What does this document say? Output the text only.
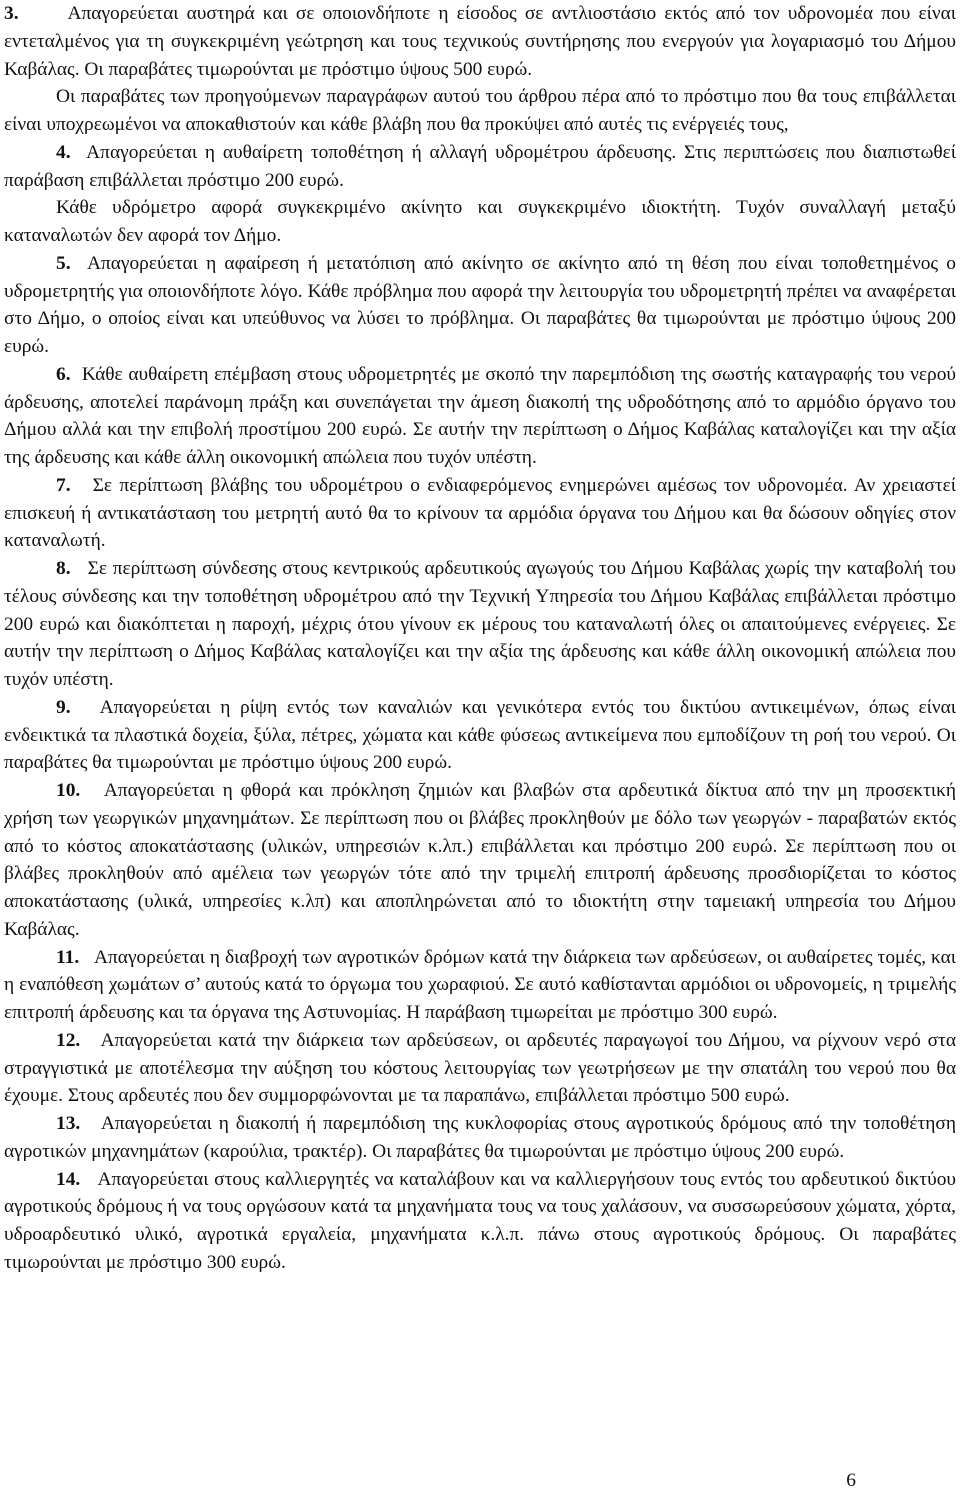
3.	Απαγορεύεται αυστηρά και σε οποιονδήποτε η είσοδος σε αντλιοστάσιο εκτός από τον υδρονομέα που είναι εντεταλμένος για τη συγκεκριμένη γεώτρηση και τους τεχνικούς συντήρησης που ενεργούν για λογαριασμό του Δήμου Καβάλας. Οι παραβάτες τιμωρούνται με πρόστιμο ύψους 500 ευρώ.

Οι παραβάτες των προηγούμενων παραγράφων αυτού του άρθρου πέρα από το πρόστιμο που θα τους επιβάλλεται είναι υποχρεωμένοι να αποκαθιστούν και κάθε βλάβη που θα προκύψει από αυτές τις ενέργειές τους,

4. Απαγορεύεται η αυθαίρετη τοποθέτηση ή αλλαγή υδρομέτρου άρδευσης. Στις περιπτώσεις που διαπιστωθεί παράβαση επιβάλλεται πρόστιμο 200 ευρώ.

Κάθε υδρόμετρο αφορά συγκεκριμένο ακίνητο και συγκεκριμένο ιδιοκτήτη. Τυχόν συναλλαγή μεταξύ καταναλωτών δεν αφορά τον Δήμο.

5. Απαγορεύεται η αφαίρεση ή μετατόπιση από ακίνητο σε ακίνητο από τη θέση που είναι τοποθετημένος ο υδρομετρητής για οποιονδήποτε λόγο. Κάθε πρόβλημα που αφορά την λειτουργία του υδρομετρητή πρέπει να αναφέρεται στο Δήμο, ο οποίος είναι και υπεύθυνος να λύσει το πρόβλημα. Οι παραβάτες θα τιμωρούνται με πρόστιμο ύψους 200 ευρώ.

6. Κάθε αυθαίρετη επέμβαση στους υδρομετρητές με σκοπό την παρεμπόδιση της σωστής καταγραφής του νερού άρδευσης, αποτελεί παράνομη πράξη και συνεπάγεται την άμεση διακοπή της υδροδότησης από το αρμόδιο όργανο του Δήμου αλλά και την επιβολή προστίμου 200 ευρώ. Σε αυτήν την περίπτωση ο Δήμος Καβάλας καταλογίζει και την αξία της άρδευσης και κάθε άλλη οικονομική απώλεια που τυχόν υπέστη.

7. Σε περίπτωση βλάβης του υδρομέτρου ο ενδιαφερόμενος ενημερώνει αμέσως τον υδρονομέα. Αν χρειαστεί επισκευή ή αντικατάσταση του μετρητή αυτό θα το κρίνουν τα αρμόδια όργανα του Δήμου και θα δώσουν οδηγίες στον καταναλωτή.

8. Σε περίπτωση σύνδεσης στους κεντρικούς αρδευτικούς αγωγούς του Δήμου Καβάλας χωρίς την καταβολή του τέλους σύνδεσης και την τοποθέτηση υδρομέτρου από την Τεχνική Υπηρεσία του Δήμου Καβάλας επιβάλλεται πρόστιμο 200 ευρώ και διακόπτεται η παροχή, μέχρις ότου γίνουν εκ μέρους του καταναλωτή όλες οι απαιτούμενες ενέργειες. Σε αυτήν την περίπτωση ο Δήμος Καβάλας καταλογίζει και την αξία της άρδευσης και κάθε άλλη οικονομική απώλεια που τυχόν υπέστη.

9. Απαγορεύεται η ρίψη εντός των καναλιών και γενικότερα εντός του δικτύου αντικειμένων, όπως είναι ενδεικτικά τα πλαστικά δοχεία, ξύλα, πέτρες, χώματα και κάθε φύσεως αντικείμενα που εμποδίζουν τη ροή του νερού. Οι παραβάτες θα τιμωρούνται με πρόστιμο ύψους 200 ευρώ.

10. Απαγορεύεται η φθορά και πρόκληση ζημιών και βλαβών στα αρδευτικά δίκτυα από την μη προσεκτική χρήση των γεωργικών μηχανημάτων. Σε περίπτωση που οι βλάβες προκληθούν με δόλο των γεωργών - παραβατών εκτός από το κόστος αποκατάστασης (υλικών, υπηρεσιών κ.λπ.) επιβάλλεται και πρόστιμο 200 ευρώ. Σε περίπτωση που οι βλάβες προκληθούν από αμέλεια των γεωργών τότε από την τριμελή επιτροπή άρδευσης προσδιορίζεται το κόστος αποκατάστασης (υλικά, υπηρεσίες κ.λπ) και αποπληρώνεται από το ιδιοκτήτη στην ταμειακή υπηρεσία του Δήμου Καβάλας.

11. Απαγορεύεται η διαβροχή των αγροτικών δρόμων κατά την διάρκεια των αρδεύσεων, οι αυθαίρετες τομές, και η εναπόθεση χωμάτων σ’ αυτούς κατά το όργωμα του χωραφιού. Σε αυτό καθίστανται αρμόδιοι οι υδρονομείς, η τριμελής επιτροπή άρδευσης και τα όργανα της Αστυνομίας. Η παράβαση τιμωρείται με πρόστιμο 300 ευρώ.

12. Απαγορεύεται κατά την διάρκεια των αρδεύσεων, οι αρδευτές παραγωγοί του Δήμου, να ρίχνουν νερό στα στραγγιστικά με αποτέλεσμα την αύξηση του κόστους λειτουργίας των γεωτρήσεων με την σπατάλη του νερού που θα έχουμε. Στους αρδευτές που δεν συμμορφώνονται με τα παραπάνω, επιβάλλεται πρόστιμο 500 ευρώ.

13. Απαγορεύεται η διακοπή ή παρεμπόδιση της κυκλοφορίας στους αγροτικούς δρόμους από την τοποθέτηση αγροτικών μηχανημάτων (καρούλια, τρακτέρ). Οι παραβάτες θα τιμωρούνται με πρόστιμο ύψους 200 ευρώ.

14. Απαγορεύεται στους καλλιεργητές να καταλάβουν και να καλλιεργήσουν τους εντός του αρδευτικού δικτύου αγροτικούς δρόμους ή να τους οργώσουν κατά τα μηχανήματα τους να τους χαλάσουν, να συσσωρεύσουν χώματα, χόρτα, υδροαρδευτικό υλικό, αγροτικά εργαλεία, μηχανήματα κ.λ.π. πάνω στους αγροτικούς δρόμους. Οι παραβάτες τιμωρούνται με πρόστιμο 300 ευρώ.

6
